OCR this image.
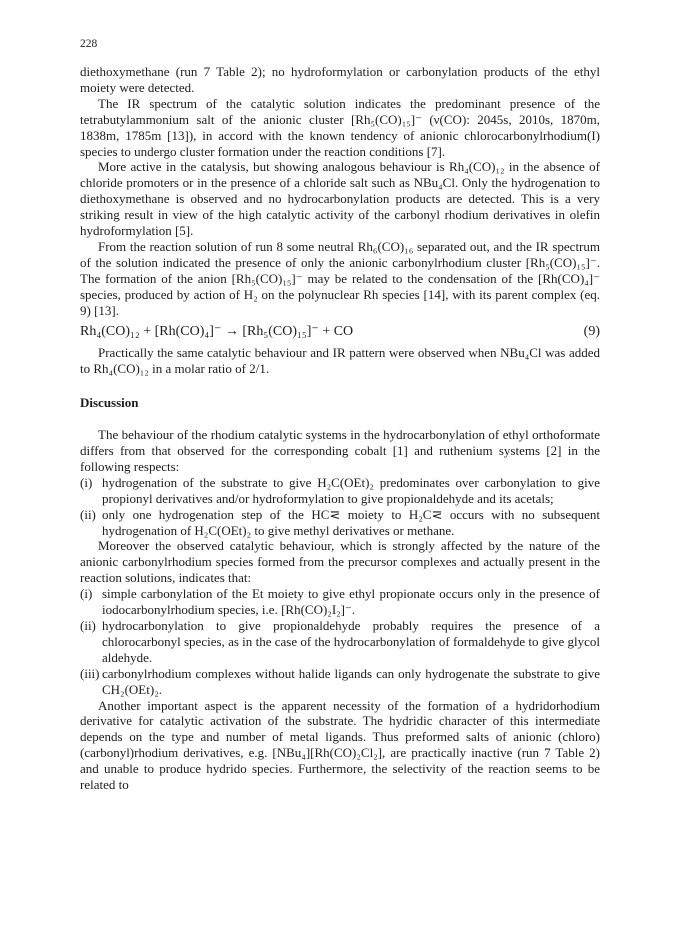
228

diethoxymethane (run 7 Table 2); no hydroformylation or carbonylation products of the ethyl moiety were detected.

The IR spectrum of the catalytic solution indicates the predominant presence of the tetrabutylammonium salt of the anionic cluster [Rh₅(CO)₁₅]⁻ (ν(CO): 2045s, 2010s, 1870m, 1838m, 1785m [13]), in accord with the known tendency of anionic chlorocarbonylrhodium(I) species to undergo cluster formation under the reaction conditions [7].

More active in the catalysis, but showing analogous behaviour is Rh₄(CO)₁₂ in the absence of chloride promoters or in the presence of a chloride salt such as NBu₄Cl. Only the hydrogenation to diethoxymethane is observed and no hydrocarbonylation products are detected. This is a very striking result in view of the high catalytic activity of the carbonyl rhodium derivatives in olefin hydroformylation [5].

From the reaction solution of run 8 some neutral Rh₆(CO)₁₆ separated out, and the IR spectrum of the solution indicated the presence of only the anionic carbonylrhodium cluster [Rh₅(CO)₁₅]⁻. The formation of the anion [Rh₅(CO)₁₅]⁻ may be related to the condensation of the [Rh(CO)₄]⁻ species, produced by action of H₂ on the polynuclear Rh species [14], with its parent complex (eq. 9) [13].

Rh₄(CO)₁₂ + [Rh(CO)₄]⁻ → [Rh₅(CO)₁₅]⁻ + CO	(9)

Practically the same catalytic behaviour and IR pattern were observed when NBu₄Cl was added to Rh₄(CO)₁₂ in a molar ratio of 2/1.

Discussion

The behaviour of the rhodium catalytic systems in the hydrocarbonylation of ethyl orthoformate differs from that observed for the corresponding cobalt [1] and ruthenium systems [2] in the following respects:

(i) hydrogenation of the substrate to give H₂C(OEt)₂ predominates over carbonylation to give propionyl derivatives and/or hydroformylation to give propionaldehyde and its acetals;
(ii) only one hydrogenation step of the HC⋜ moiety to H₂C⋜ occurs with no subsequent hydrogenation of H₂C(OEt)₂ to give methyl derivatives or methane.

Moreover the observed catalytic behaviour, which is strongly affected by the nature of the anionic carbonylrhodium species formed from the precursor complexes and actually present in the reaction solutions, indicates that:

(i) simple carbonylation of the Et moiety to give ethyl propionate occurs only in the presence of iodocarbonylrhodium species, i.e. [Rh(CO)₂I₂]⁻.
(ii) hydrocarbonylation to give propionaldehyde probably requires the presence of a chlorocarbonyl species, as in the case of the hydrocarbonylation of formaldehyde to give glycol aldehyde.
(iii) carbonylrhodium complexes without halide ligands can only hydrogenate the substrate to give CH₂(OEt)₂.

Another important aspect is the apparent necessity of the formation of a hydridorhodium derivative for catalytic activation of the substrate. The hydridic character of this intermediate depends on the type and number of metal ligands. Thus preformed salts of anionic (chloro)(carbonyl)rhodium derivatives, e.g. [NBu₄][Rh(CO)₂Cl₂], are practically inactive (run 7 Table 2) and unable to produce hydrido species. Furthermore, the selectivity of the reaction seems to be related to
